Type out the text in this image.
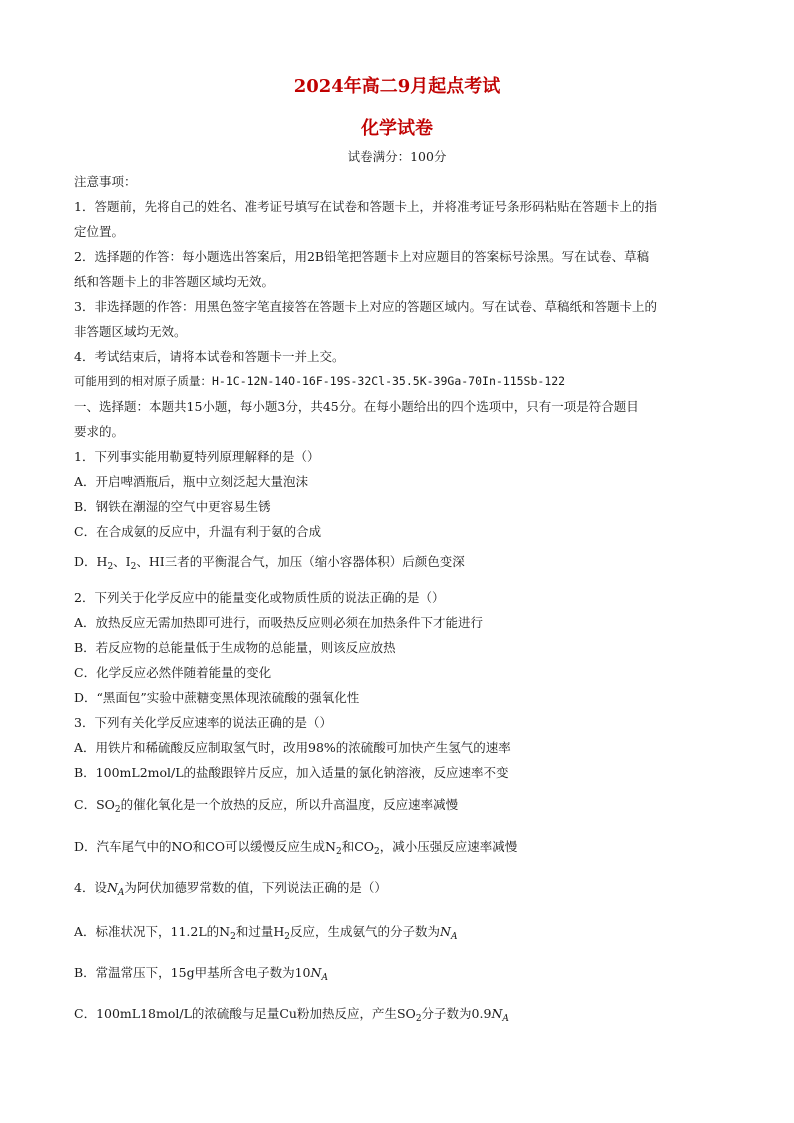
2024年高二9月起点考试
化学试卷
试卷满分：100分
注意事项：
1．答题前，先将自己的姓名、准考证号填写在试卷和答题卡上，并将准考证号条形码粘贴在答题卡上的指
定位置。
2．选择题的作答：每小题选出答案后，用2B铅笔把答题卡上对应题目的答案标号涂黑。写在试卷、草稿
纸和答题卡上的非答题区域均无效。
3．非选择题的作答：用黑色签字笔直接答在答题卡上对应的答题区域内。写在试卷、草稿纸和答题卡上的
非答题区域均无效。
4．考试结束后，请将本试卷和答题卡一并上交。
可能用到的相对原子质量：H-1C-12N-14O-16F-19S-32Cl-35.5K-39Ga-70In-115Sb-122
一、选择题：本题共15小题，每小题3分，共45分。在每小题给出的四个选项中，只有一项是符合题目
要求的。
1．下列事实能用勒夏特列原理解释的是（）
A．开启啤酒瓶后，瓶中立刻泛起大量泡沫
B．钢铁在潮湿的空气中更容易生锈
C．在合成氨的反应中，升温有利于氨的合成
D．$H_2$、$I_2$、HI三者的平衡混合气，加压（缩小容器体积）后颜色变深
2．下列关于化学反应中的能量变化或物质性质的说法正确的是（）
A．放热反应无需加热即可进行，而吸热反应则必须在加热条件下才能进行
B．若反应物的总能量低于生成物的总能量，则该反应放热
C．化学反应必然伴随着能量的变化
D．“黑面包”实验中蔗糖变黑体现浓硫酸的强氧化性
3．下列有关化学反应速率的说法正确的是（）
A．用铁片和稀硫酸反应制取氢气时，改用98%的浓硫酸可加快产生氢气的速率
B．100mL2mol/L的盐酸跟锌片反应，加入适量的氯化钠溶液，反应速率不变
C．$SO_2$的催化氧化是一个放热的反应，所以升高温度，反应速率减慢
D．汽车尾气中的NO和CO可以缓慢反应生成$N_2$和$CO_2$，减小压强反应速率减慢
4．设$N_A$为阿伏加德罗常数的值，下列说法正确的是（）
A．标准状况下，11.2L的$N_2$和过量$H_2$反应，生成氨气的分子数为$N_A$
B．常温常压下，15g甲基所含电子数为$10N_A$
C．100mL18mol/L的浓硫酸与足量Cu粉加热反应，产生$SO_2$分子数为$0.9N_A$
